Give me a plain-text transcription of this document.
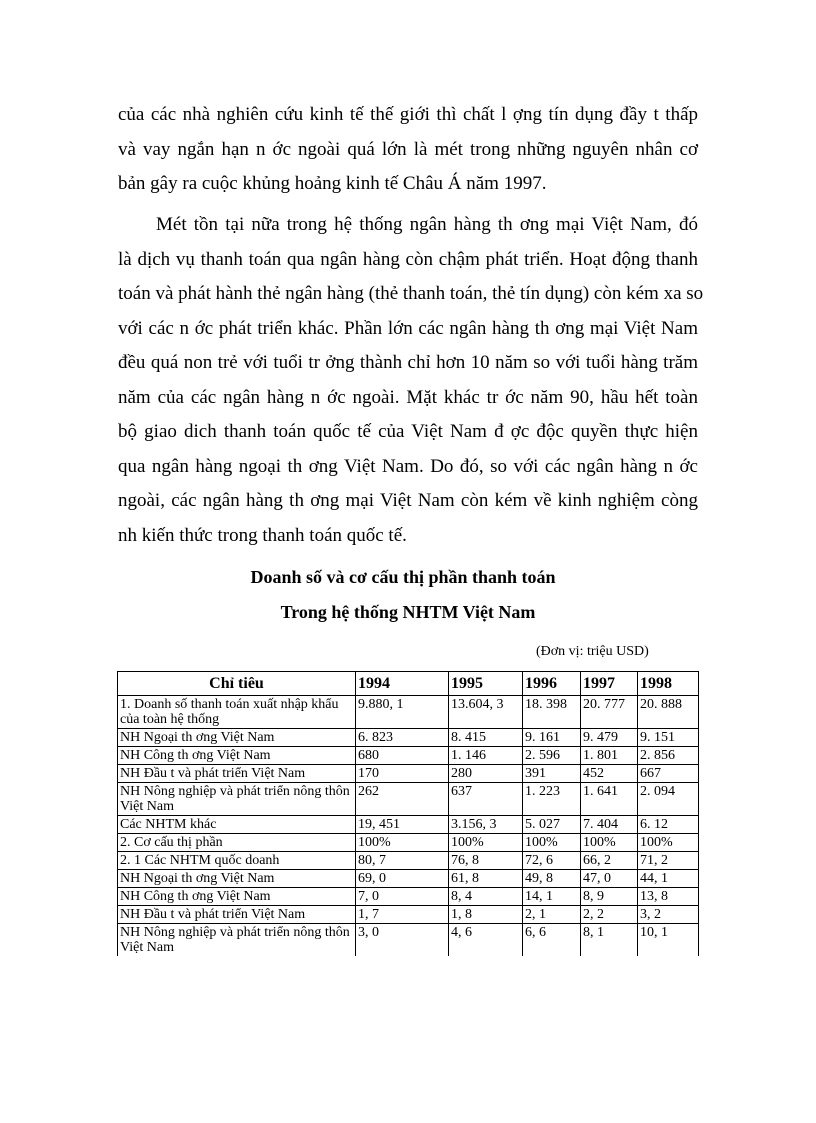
của các nhà nghiên cứu kinh tế thế giới thì chất l ợng tín dụng đầy t thấp
và vay ngắn hạn n ớc ngoài quá lớn là mét trong những nguyên nhân cơ
bản gây ra cuộc khủng hoảng kinh tế Châu Á năm 1997.
Mét tồn tại nữa trong hệ thống ngân hàng th ơng mại Việt Nam, đó
là dịch vụ thanh toán qua ngân hàng còn chậm phát triển. Hoạt động thanh
toán và phát hành thẻ ngân hàng (thẻ thanh toán, thẻ tín dụng) còn kém xa so
với các n ớc phát triển khác. Phần lớn các ngân hàng th ơng mại Việt Nam
đều quá non trẻ với tuổi tr ởng thành chỉ hơn 10 năm so với tuổi hàng trăm
năm của các ngân hàng n ớc ngoài. Mặt khác tr ớc năm 90, hầu hết toàn
bộ giao dich thanh toán quốc tế của Việt Nam đ ợc độc quyền thực hiện
qua ngân hàng ngoại th ơng Việt Nam. Do đó, so với các ngân hàng n ớc
ngoài, các ngân hàng th ơng mại Việt Nam còn kém về kinh nghiệm còng
nh kiến thức trong thanh toán quốc tế.

Doanh số và cơ cấu thị phần thanh toán

Trong hệ thống NHTM Việt Nam

(Đơn vị: triệu USD)

Chỉ tiêu	1994	1995	1996	1997	1998
1. Doanh số thanh toán xuất nhập khẩu của toàn hệ thống	9.880, 1	13.604, 3	18. 398	20. 777	20. 888
NH Ngoại th ơng Việt Nam	6. 823	8. 415	9. 161	9. 479	9. 151
NH Công th ơng Việt Nam	680	1. 146	2. 596	1. 801	2. 856
NH Đầu t và phát triển Việt Nam	170	280	391	452	667
NH Nông nghiệp và phát triển nông thôn Việt Nam	262	637	1. 223	1. 641	2. 094
Các NHTM khác	19, 451	3.156, 3	5. 027	7. 404	6. 12
2. Cơ cấu thị phần	100%	100%	100%	100%	100%
2. 1 Các NHTM quốc doanh	80, 7	76, 8	72, 6	66, 2	71, 2
NH Ngoại th ơng Việt Nam	69, 0	61, 8	49, 8	47, 0	44, 1
NH Công th ơng Việt Nam	7, 0	8, 4	14, 1	8, 9	13, 8
NH Đầu t và phát triển Việt Nam	1, 7	1, 8	2, 1	2, 2	3, 2
NH Nông nghiệp và phát triển nông thôn Việt Nam	3, 0	4, 6	6, 6	8, 1	10, 1
